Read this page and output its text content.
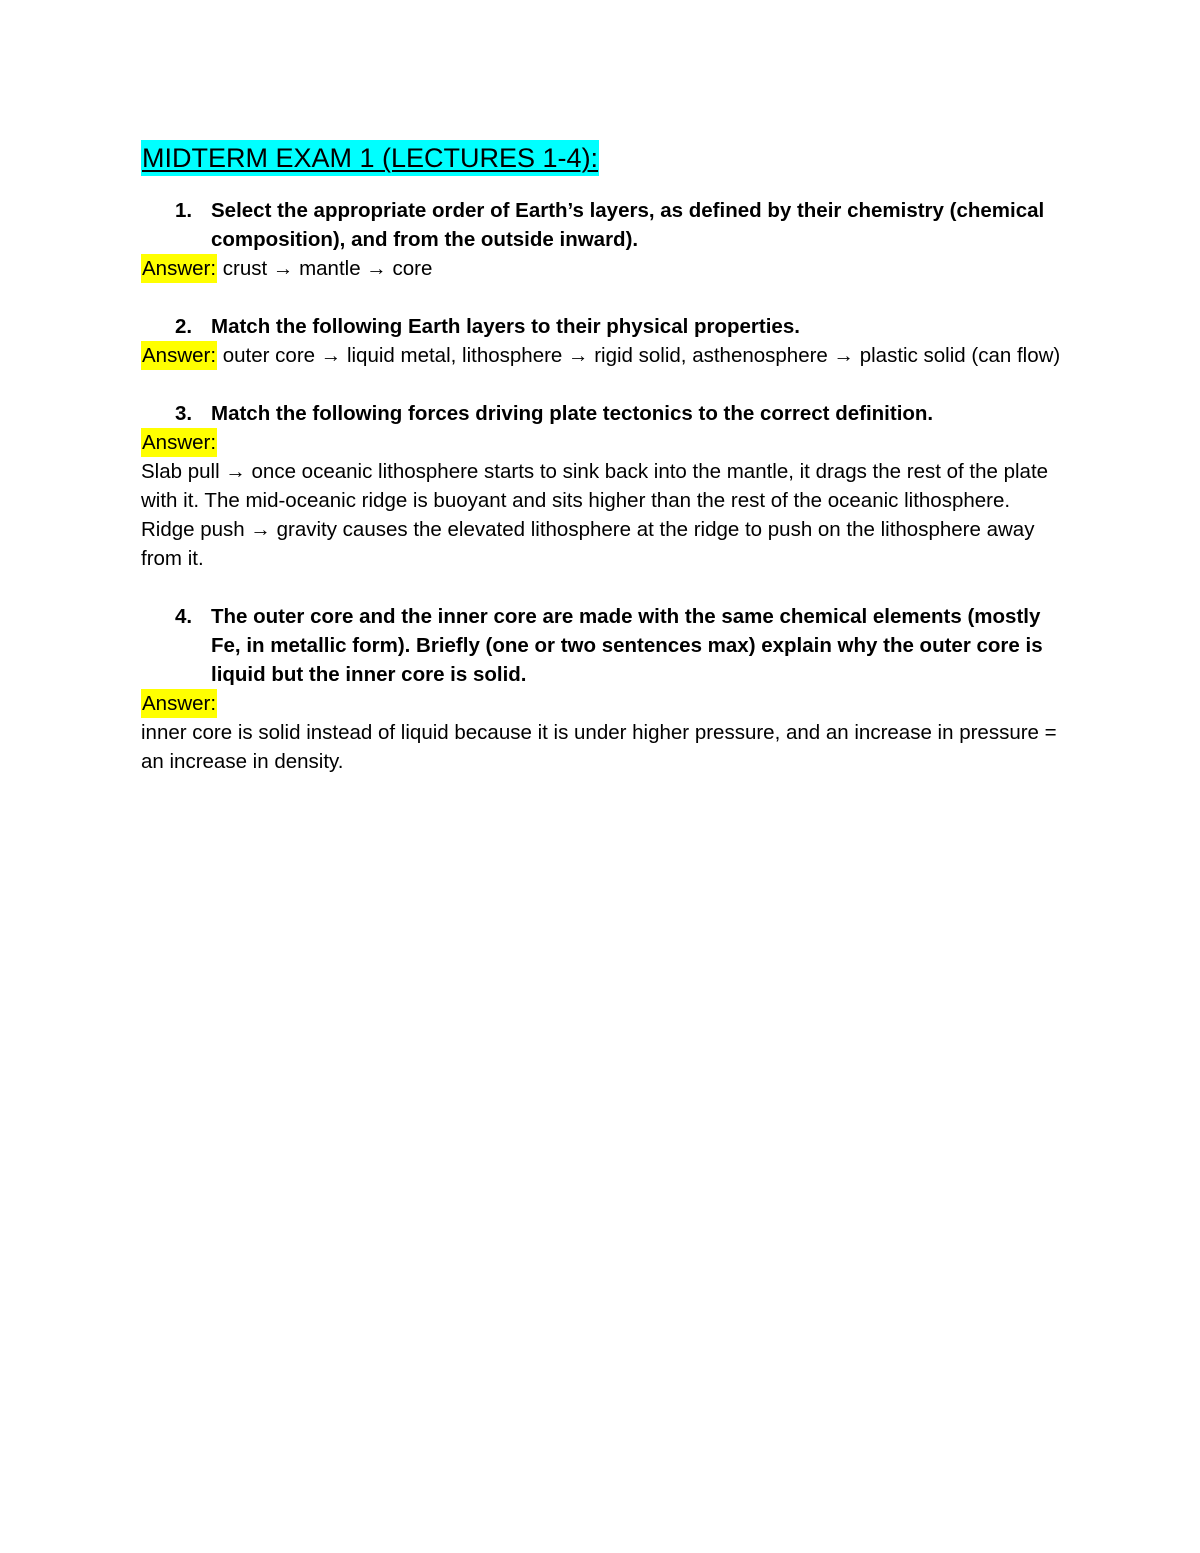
MIDTERM EXAM 1 (LECTURES 1-4):

1. Select the appropriate order of Earth’s layers, as defined by their chemistry (chemical composition), and from the outside inward).

Answer: crust → mantle → core

2. Match the following Earth layers to their physical properties.

Answer: outer core → liquid metal, lithosphere → rigid solid, asthenosphere → plastic solid (can flow)

3. Match the following forces driving plate tectonics to the correct definition.

Answer:

Slab pull → once oceanic lithosphere starts to sink back into the mantle, it drags the rest of the plate with it. The mid-oceanic ridge is buoyant and sits higher than the rest of the oceanic lithosphere.

Ridge push → gravity causes the elevated lithosphere at the ridge to push on the lithosphere away from it.

4. The outer core and the inner core are made with the same chemical elements (mostly Fe, in metallic form). Briefly (one or two sentences max) explain why the outer core is liquid but the inner core is solid.

Answer:

inner core is solid instead of liquid because it is under higher pressure, and an increase in pressure = an increase in density.
